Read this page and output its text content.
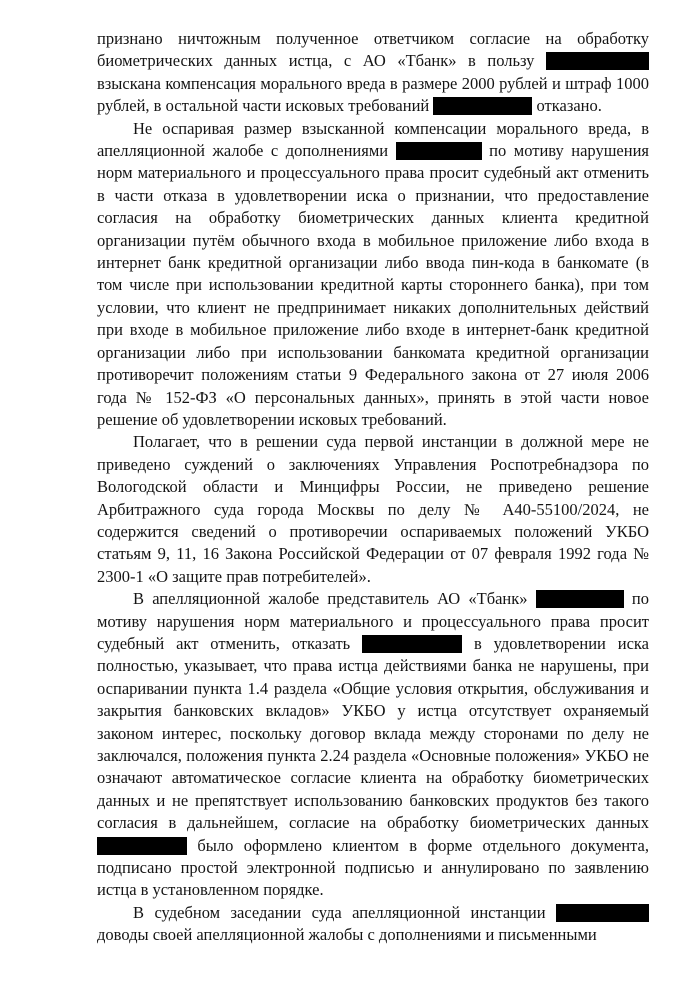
признано ничтожным полученное ответчиком согласие на обработку биометрических данных истца, с АО «Тбанк» в пользу  взыскана компенсация морального вреда в размере 2000 рублей и штраф 1000 рублей, в остальной части исковых требований	отказано.

Не оспаривая размер взысканной компенсации морального вреда, в апелляционной жалобе с дополнениями	по мотиву нарушения норм материального и процессуального права просит судебный акт отменить в части отказа в удовлетворении иска о признании, что предоставление согласия на обработку биометрических данных клиента кредитной организации путём обычного входа в мобильное приложение либо входа в интернет банк кредитной организации либо ввода пин-кода в банкомате (в том числе при использовании кредитной карты стороннего банка), при том условии, что клиент не предпринимает никаких дополнительных действий при входе в мобильное приложение либо входе в интернет-банк кредитной организации либо при использовании банкомата кредитной организации противоречит положениям статьи 9 Федерального закона от 27 июля 2006 года № 152-ФЗ «О персональных данных», принять в этой части новое решение об удовлетворении исковых требований.

Полагает, что в решении суда первой инстанции в должной мере не приведено суждений о заключениях Управления Роспотребнадзора по Вологодской области и Минцифры России, не приведено решение Арбитражного суда города Москвы по делу № А40-55100/2024, не содержится сведений о противоречии оспариваемых положений УКБО статьям 9, 11, 16 Закона Российской Федерации от 07 февраля 1992 года № 2300-1 «О защите прав потребителей».

В апелляционной жалобе представитель АО «Тбанк»	по мотиву нарушения норм материального и процессуального права просит судебный акт отменить, отказать	в удовлетворении иска полностью, указывает, что права истца действиями банка не нарушены, при оспаривании пункта 1.4 раздела «Общие условия открытия, обслуживания и закрытия банковских вкладов» УКБО у истца отсутствует охраняемый законом интерес, поскольку договор вклада между сторонами по делу не заключался, положения пункта 2.24 раздела «Основные положения» УКБО не означают автоматическое согласие клиента на обработку биометрических данных и не препятствует использованию банковских продуктов без такого согласия в дальнейшем, согласие на обработку биометрических данных  было оформлено клиентом в форме отдельного документа, подписано простой электронной подписью и аннулировано по заявлению истца в установленном порядке.

В судебном заседании суда апелляционной инстанции  доводы своей апелляционной жалобы с дополнениями и письменными
